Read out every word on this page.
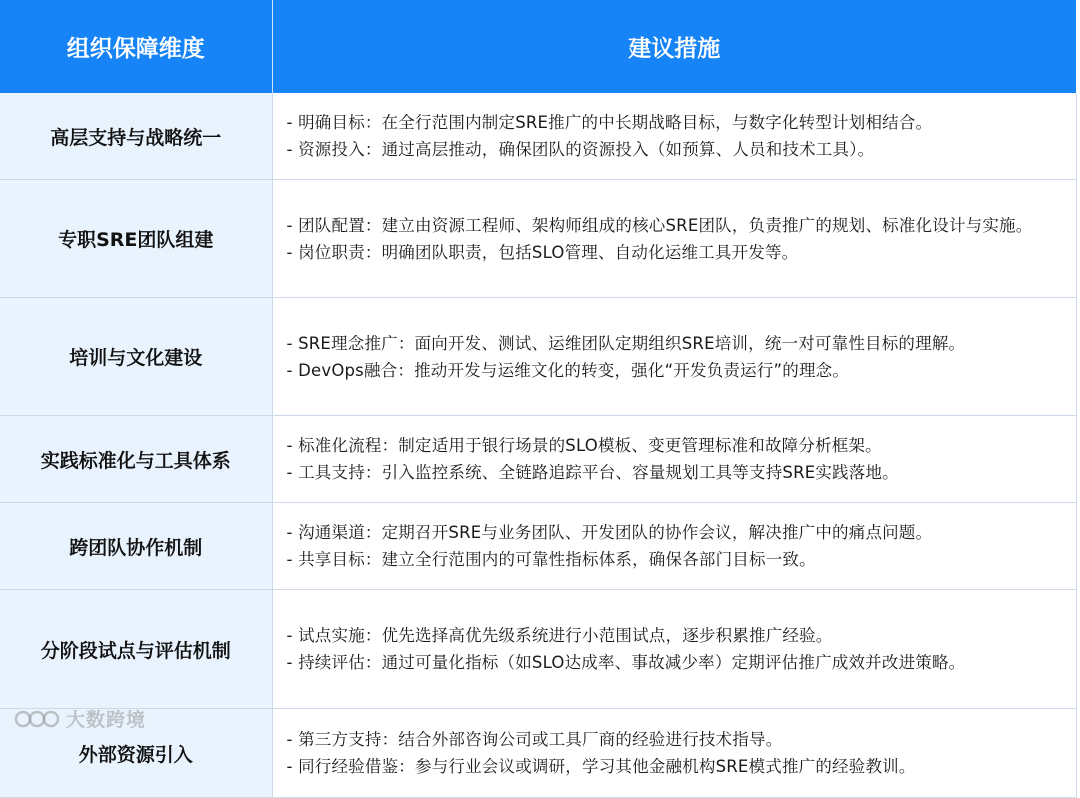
组织保障维度	建议措施
高层支持与战略统一	- 明确目标：在全行范围内制定SRE推广的中长期战略目标，与数字化转型计划相结合。
- 资源投入：通过高层推动，确保团队的资源投入（如预算、人员和技术工具）。

专职SRE团队组建	- 团队配置：建立由资源工程师、架构师组成的核心SRE团队，负责推广的规划、标准化设计与实施。
- 岗位职责：明确团队职责，包括SLO管理、自动化运维工具开发等。

培训与文化建设	- SRE理念推广：面向开发、测试、运维团队定期组织SRE培训，统一对可靠性目标的理解。
- DevOps融合：推动开发与运维文化的转变，强化“开发负责运行”的理念。

实践标准化与工具体系	- 标准化流程：制定适用于银行场景的SLO模板、变更管理标准和故障分析框架。
- 工具支持：引入监控系统、全链路追踪平台、容量规划工具等支持SRE实践落地。

跨团队协作机制	- 沟通渠道：定期召开SRE与业务团队、开发团队的协作会议，解决推广中的痛点问题。
- 共享目标：建立全行范围内的可靠性指标体系，确保各部门目标一致。

分阶段试点与评估机制	- 试点实施：优先选择高优先级系统进行小范围试点，逐步积累推广经验。
- 持续评估：通过可量化指标（如SLO达成率、事故减少率）定期评估推广成效并改进策略。

外部资源引入	- 第三方支持：结合外部咨询公司或工具厂商的经验进行技术指导。
- 同行经验借鉴：参与行业会议或调研，学习其他金融机构SRE模式推广的经验教训。
大数跨境
